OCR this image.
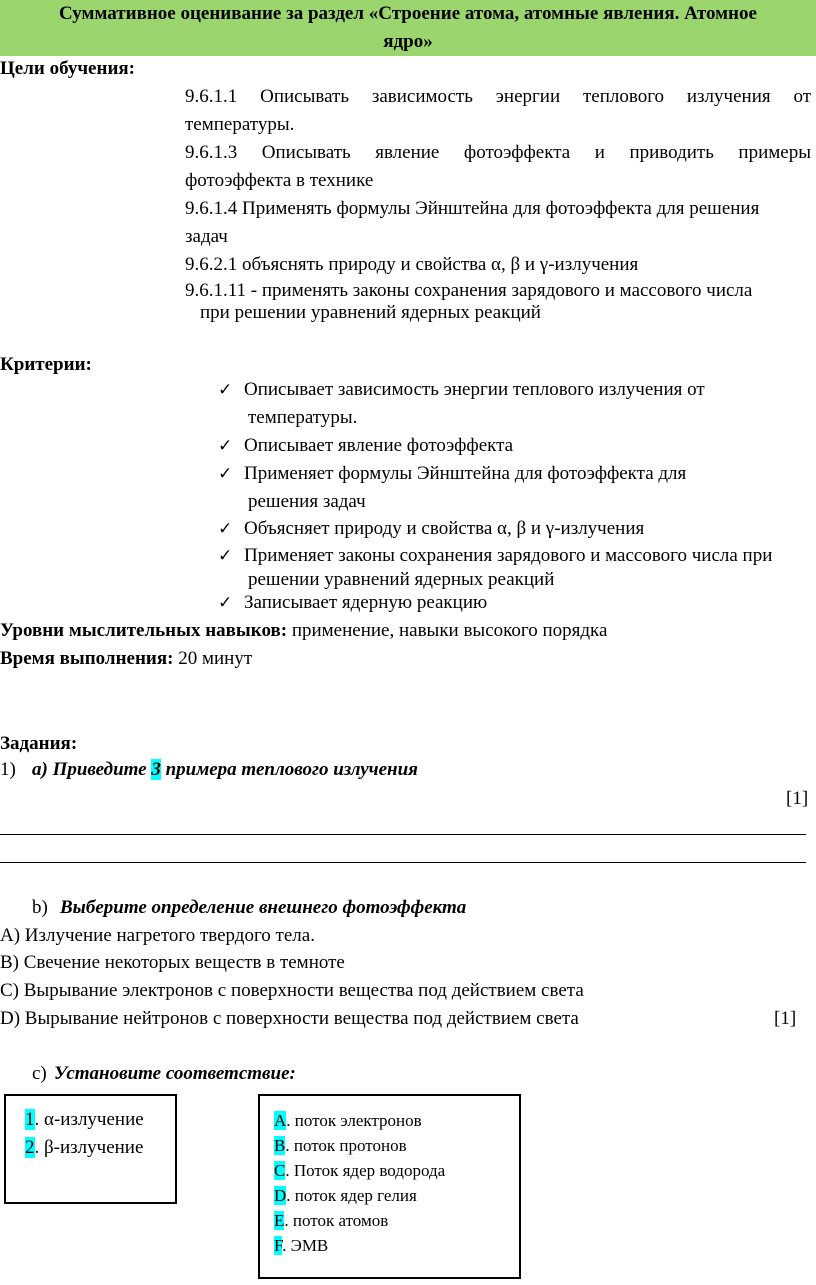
Суммативное оценивание за раздел «Строение атома, атомные явления. Атомное
ядро»
Цели обучения:
9.6.1.1 Описывать зависимость энергии теплового излучения от
температуры.
9.6.1.3 Описывать явление фотоэффекта и приводить примеры
фотоэффекта в технике
9.6.1.4 Применять формулы Эйнштейна для фотоэффекта для решения
задач
9.6.2.1 объяснять природу и свойства α, β и γ-излучения
9.6.1.11 - применять законы сохранения зарядового и массового числа
при решении уравнений ядерных реакций
Критерии:
✓ Описывает зависимость энергии теплового излучения от
температуры.
✓ Описывает явление фотоэффекта
✓ Применяет формулы Эйнштейна для фотоэффекта для
решения задач
✓ Объясняет природу и свойства α, β и γ-излучения
✓ Применяет законы сохранения зарядового и массового числа при
решении уравнений ядерных реакций
✓ Записывает ядерную реакцию
Уровни мыслительных навыков: применение, навыки высокого порядка
Время выполнения: 20 минут
Задания:
1) а) Приведите 3 примера теплового излучения
[1]
b) Выберите определение внешнего фотоэффекта
A) Излучение нагретого твердого тела.
B) Свечение некоторых веществ в темноте
C) Вырывание электронов с поверхности вещества под действием света
D) Вырывание нейтронов с поверхности вещества под действием света	[1]
c) Установите соответствие:
1. α-излучение
2. β-излучение
A. поток электронов
B. поток протонов
C. Поток ядер водорода
D. поток ядер гелия
E. поток атомов
F. ЭМВ
